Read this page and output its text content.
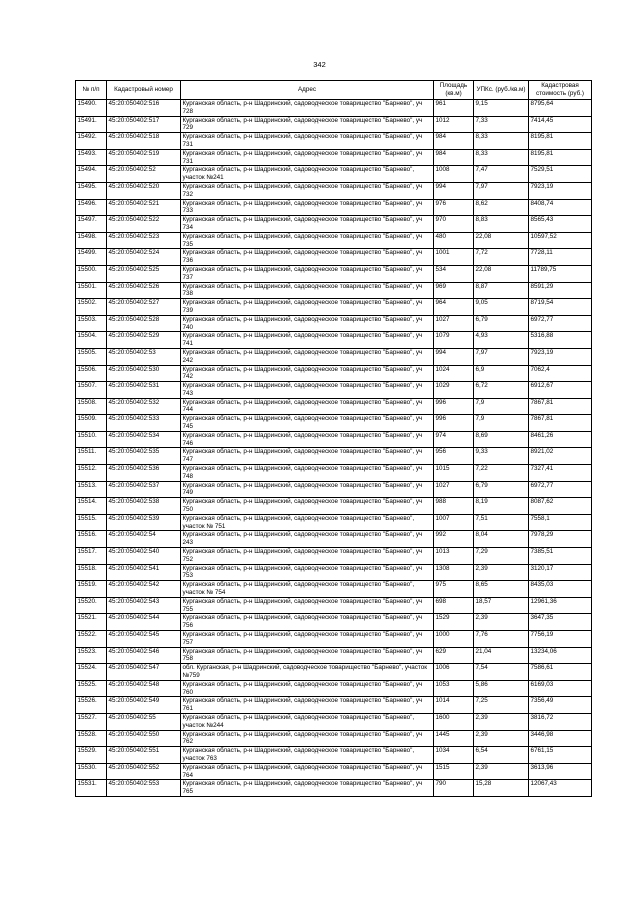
342
№ п/п	Кадастровый номер	Адрес	Площадь (кв.м)	УПКс. (руб./кв.м)	Кадастровая стоимость (руб.)
15490.	45:20:050402:516	Курганская область, р-н Шадринский, садоводческое товарищество "Барнево", уч 728	961	9,15	8795,64
15491.	45:20:050402:517	Курганская область, р-н Шадринский, садоводческое товарищество "Барнево", уч 729	1012	7,33	7414,45
15492.	45:20:050402:518	Курганская область, р-н Шадринский, садоводческое товарищество "Барнево", уч 731	984	8,33	8195,81
15493.	45:20:050402:519	Курганская область, р-н Шадринский, садоводческое товарищество "Барнево", уч 731	984	8,33	8195,81
15494.	45:20:050402:52	Курганская область, р-н Шадринский, садоводческое товарищество "Барнево", участок №241	1008	7,47	7529,51
15495.	45:20:050402:520	Курганская область, р-н Шадринский, садоводческое товарищество "Барнево", уч 732	994	7,97	7923,19
15496.	45:20:050402:521	Курганская область, р-н Шадринский, садоводческое товарищество "Барнево", уч 733	976	8,62	8408,74
15497.	45:20:050402:522	Курганская область, р-н Шадринский, садоводческое товарищество "Барнево", уч 734	970	8,83	8565,43
15498.	45:20:050402:523	Курганская область, р-н Шадринский, садоводческое товарищество "Барнево", уч 735	480	22,08	10597,52
15499.	45:20:050402:524	Курганская область, р-н Шадринский, садоводческое товарищество "Барнево", уч 736	1001	7,72	7728,11
15500.	45:20:050402:525	Курганская область, р-н Шадринский, садоводческое товарищество "Барнево", уч 737	534	22,08	11789,75
15501.	45:20:050402:526	Курганская область, р-н Шадринский, садоводческое товарищество "Барнево", уч 738	969	8,87	8591,29
15502.	45:20:050402:527	Курганская область, р-н Шадринский, садоводческое товарищество "Барнево", уч 739	964	9,05	8719,54
15503.	45:20:050402:528	Курганская область, р-н Шадринский, садоводческое товарищество "Барнево", уч 740	1027	6,79	6972,77
15504.	45:20:050402:529	Курганская область, р-н Шадринский, садоводческое товарищество "Барнево", уч 741	1079	4,93	5316,88
15505.	45:20:050402:53	Курганская область, р-н Шадринский, садоводческое товарищество "Барнево", уч 242	994	7,97	7923,19
15506.	45:20:050402:530	Курганская область, р-н Шадринский, садоводческое товарищество "Барнево", уч 742	1024	6,9	7062,4
15507.	45:20:050402:531	Курганская область, р-н Шадринский, садоводческое товарищество "Барнево", уч 743	1029	6,72	6912,67
15508.	45:20:050402:532	Курганская область, р-н Шадринский, садоводческое товарищество "Барнево", уч 744	996	7,9	7867,81
15509.	45:20:050402:533	Курганская область, р-н Шадринский, садоводческое товарищество "Барнево", уч 745	996	7,9	7867,81
15510.	45:20:050402:534	Курганская область, р-н Шадринский, садоводческое товарищество "Барнево", уч 746	974	8,69	8461,26
15511.	45:20:050402:535	Курганская область, р-н Шадринский, садоводческое товарищество "Барнево", уч 747	956	9,33	8921,02
15512.	45:20:050402:536	Курганская область, р-н Шадринский, садоводческое товарищество "Барнево", уч 748	1015	7,22	7327,41
15513.	45:20:050402:537	Курганская область, р-н Шадринский, садоводческое товарищество "Барнево", уч 749	1027	6,79	6972,77
15514.	45:20:050402:538	Курганская область, р-н Шадринский, садоводческое товарищество "Барнево", уч 750	988	8,19	8087,62
15515.	45:20:050402:539	Курганская область, р-н Шадринский, садоводческое товарищество "Барнево", участок № 751	1007	7,51	7558,1
15516.	45:20:050402:54	Курганская область, р-н Шадринский, садоводческое товарищество "Барнево", уч 243	992	8,04	7978,29
15517.	45:20:050402:540	Курганская область, р-н Шадринский, садоводческое товарищество "Барнево", уч 752	1013	7,29	7385,51
15518.	45:20:050402:541	Курганская область, р-н Шадринский, садоводческое товарищество "Барнево", уч 753	1308	2,39	3120,17
15519.	45:20:050402:542	Курганская область, р-н Шадринский, садоводческое товарищество "Барнево", участок № 754	975	8,65	8435,03
15520.	45:20:050402:543	Курганская область, р-н Шадринский, садоводческое товарищество "Барнево", уч 755	698	18,57	12961,36
15521.	45:20:050402:544	Курганская область, р-н Шадринский, садоводческое товарищество "Барнево", уч 756	1529	2,39	3647,35
15522.	45:20:050402:545	Курганская область, р-н Шадринский, садоводческое товарищество "Барнево", уч 757	1000	7,76	7756,19
15523.	45:20:050402:546	Курганская область, р-н Шадринский, садоводческое товарищество "Барнево", уч 758	629	21,04	13234,06
15524.	45:20:050402:547	обл. Курганская, р-н Шадринский, садоводческое товарищество "Барнево", участок №759	1006	7,54	7586,61
15525.	45:20:050402:548	Курганская область, р-н Шадринский, садоводческое товарищество "Барнево", уч 760	1053	5,86	6169,03
15526.	45:20:050402:549	Курганская область, р-н Шадринский, садоводческое товарищество "Барнево", уч 761	1014	7,25	7356,49
15527.	45:20:050402:55	Курганская область, р-н Шадринский, садоводческое товарищество "Барнево", участок №244	1600	2,39	3816,72
15528.	45:20:050402:550	Курганская область, р-н Шадринский, садоводческое товарищество "Барнево", уч 762	1445	2,39	3446,98
15529.	45:20:050402:551	Курганская область, р-н Шадринский, садоводческое товарищество "Барнево", участок 763	1034	6,54	6761,15
15530.	45:20:050402:552	Курганская область, р-н Шадринский, садоводческое товарищество "Барнево", уч 764	1515	2,39	3613,96
15531.	45:20:050402:553	Курганская область, р-н Шадринский, садоводческое товарищество "Барнево", уч 765	790	15,28	12067,43
